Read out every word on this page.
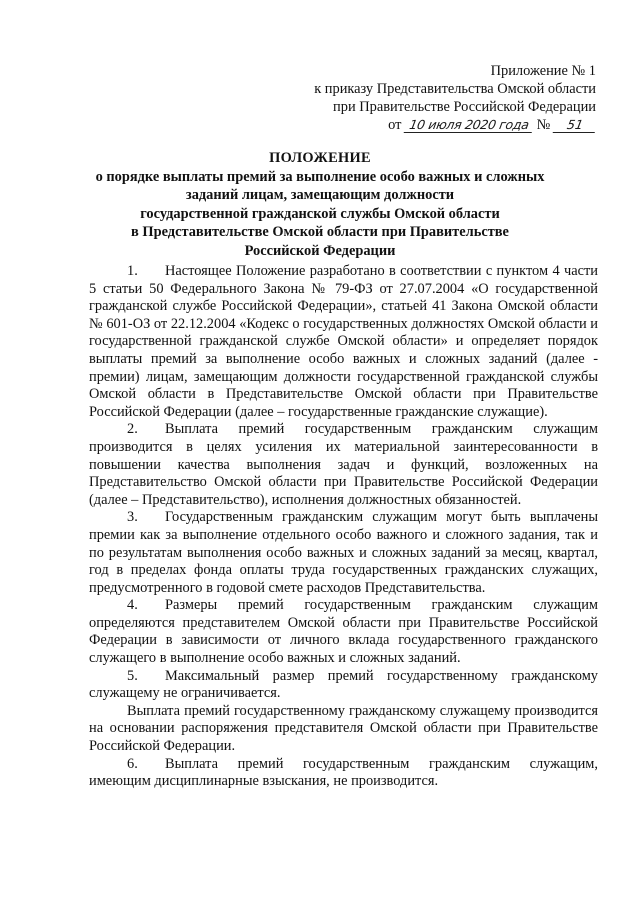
Приложение № 1
к приказу Представительства Омской области
при Правительстве Российской Федерации
от 10 июля 2020 года № 51
ПОЛОЖЕНИЕ
о порядке выплаты премий за выполнение особо важных и сложных
заданий лицам, замещающим должности
государственной гражданской службы Омской области
в Представительстве Омской области при Правительстве
Российской Федерации

1. Настоящее Положение разработано в соответствии с пунктом 4 части 5 статьи 50 Федерального Закона № 79-ФЗ от 27.07.2004 «О государственной гражданской службе Российской Федерации», статьей 41 Закона Омской области № 601-ОЗ от 22.12.2004 «Кодекс о государственных должностях Омской области и государственной гражданской службе Омской области» и определяет порядок выплаты премий за выполнение особо важных и сложных заданий (далее - премии) лицам, замещающим должности государственной гражданской службы Омской области в Представительстве Омской области при Правительстве Российской Федерации (далее – государственные гражданские служащие).

2. Выплата премий государственным гражданским служащим производится в целях усиления их материальной заинтересованности в повышении качества выполнения задач и функций, возложенных на Представительство Омской области при Правительстве Российской Федерации (далее – Представительство), исполнения должностных обязанностей.

3. Государственным гражданским служащим могут быть выплачены премии как за выполнение отдельного особо важного и сложного задания, так и по результатам выполнения особо важных и сложных заданий за месяц, квартал, год в пределах фонда оплаты труда государственных гражданских служащих, предусмотренного в годовой смете расходов Представительства.

4. Размеры премий государственным гражданским служащим определяются представителем Омской области при Правительстве Российской Федерации в зависимости от личного вклада государственного гражданского служащего в выполнение особо важных и сложных заданий.

5. Максимальный размер премий государственному гражданскому служащему не ограничивается.

Выплата премий государственному гражданскому служащему производится на основании распоряжения представителя Омской области при Правительстве Российской Федерации.

6. Выплата премий государственным гражданским служащим, имеющим дисциплинарные взыскания, не производится.
